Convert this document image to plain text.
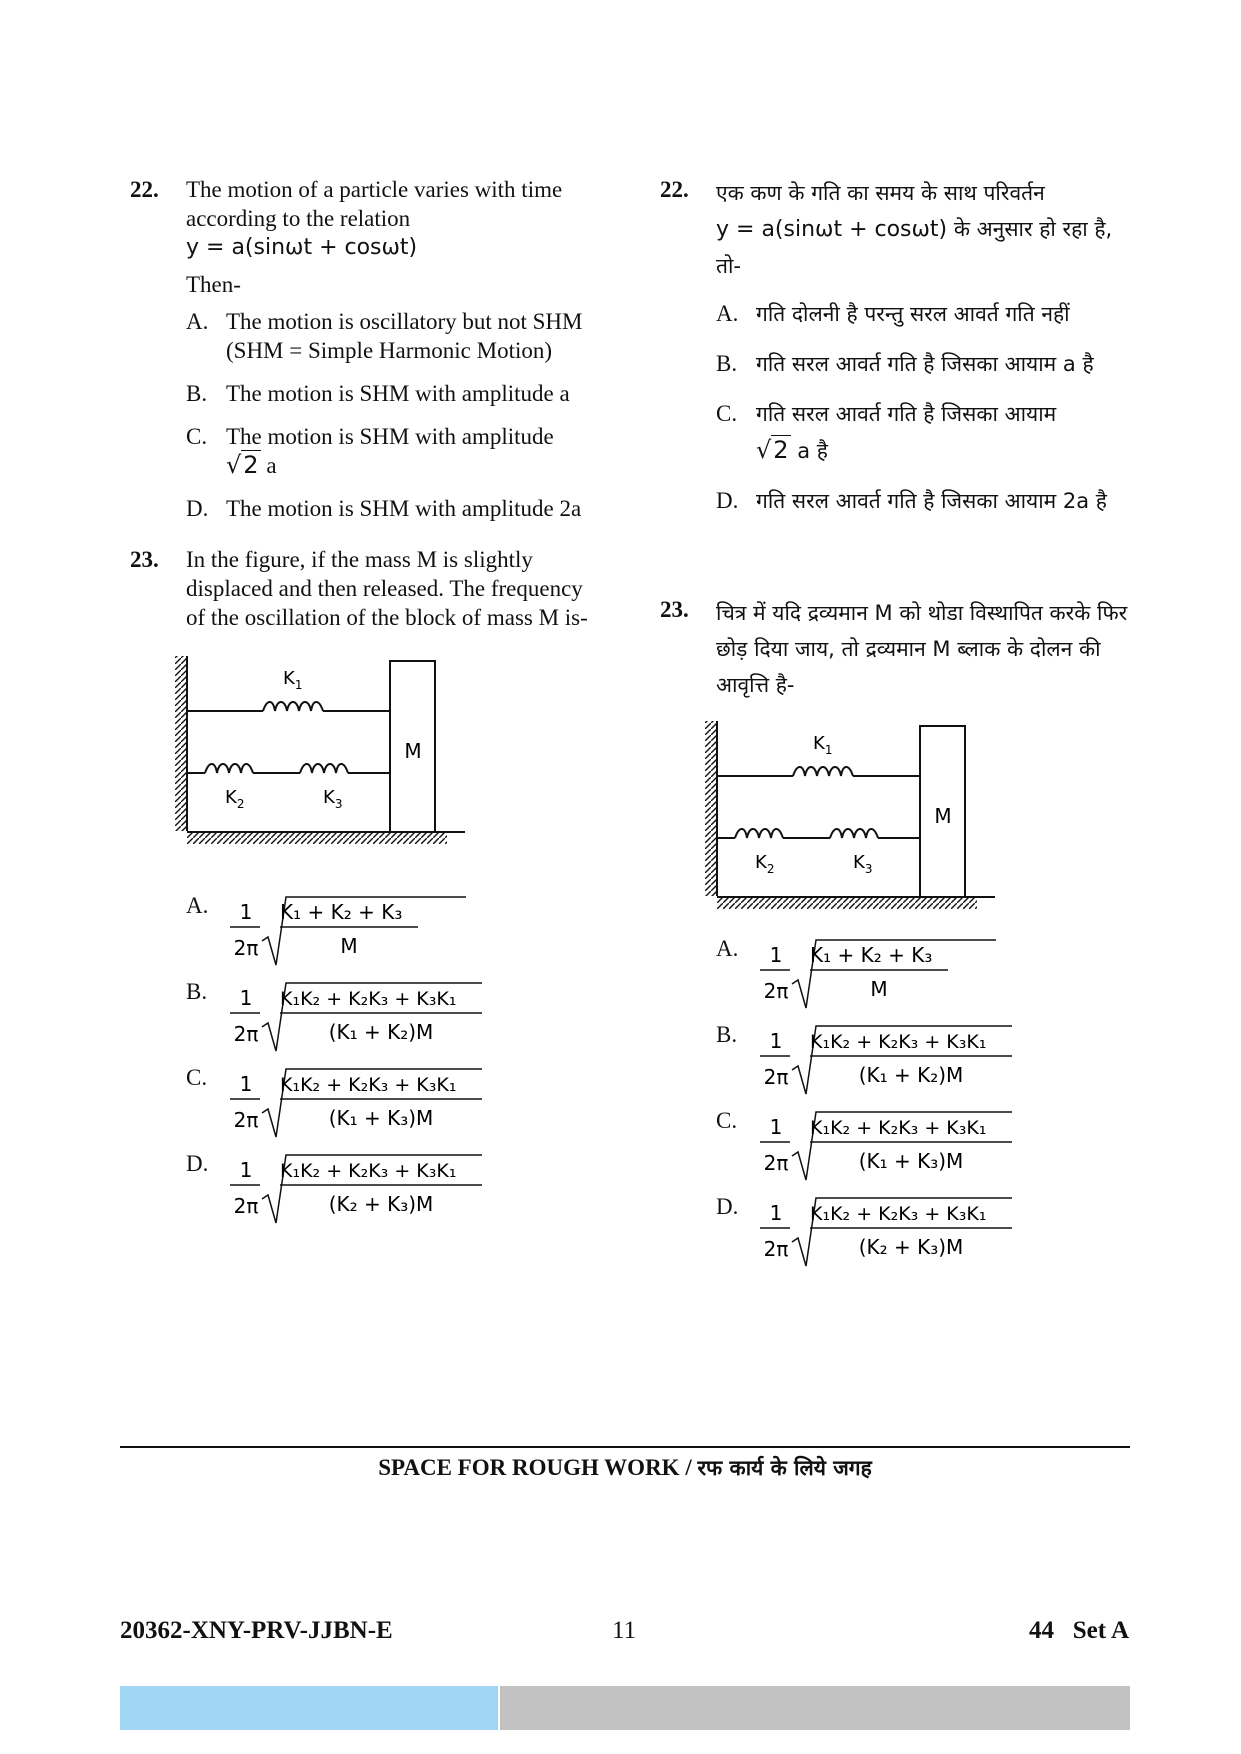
22. The motion of a particle varies with time according to the relation
y = a(sinωt + cosωt)
Then-
A. The motion is oscillatory but not SHM (SHM = Simple Harmonic Motion)
B. The motion is SHM with amplitude a
C. The motion is SHM with amplitude
√2 a
D. The motion is SHM with amplitude 2a
23. In the figure, if the mass M is slightly displaced and then released. The frequency of the oscillation of the block of mass M is-
M
$K_1$
$K_2$	$K_3$
A. 1
2π
K₁ + K₂ + K₃
M
B. 1
2π
K₁K₂ + K₂K₃ + K₃K₁
(K₁ + K₂)M
C. 1
2π
K₁K₂ + K₂K₃ + K₃K₁
(K₁ + K₃)M
D. 1
2π
K₁K₂ + K₂K₃ + K₃K₁
(K₂ + K₃)M
22. एक कण के गति का समय के साथ परिवर्तन
y = a(sinωt + cosωt) के अनुसार हो रहा है,
तो-
A. गति दोलनी है परन्तु सरल आवर्त गति नहीं
B. गति सरल आवर्त गति है जिसका आयाम a है
C. गति सरल आवर्त गति है जिसका आयाम
√2 a है
D. गति सरल आवर्त गति है जिसका आयाम 2a है
23. चित्र में यदि द्रव्यमान M को थोडा विस्थापित करके फिर छोड़ दिया जाय, तो द्रव्यमान M ब्लाक के दोलन की आवृत्ति है-
M
$K_1$
$K_2$	$K_3$
A. 1
2π
K₁ + K₂ + K₃
M
B. 1
2π
K₁K₂ + K₂K₃ + K₃K₁
(K₁ + K₂)M
C. 1
2π
K₁K₂ + K₂K₃ + K₃K₁
(K₁ + K₃)M
D. 1
2π
K₁K₂ + K₂K₃ + K₃K₁
(K₂ + K₃)M
SPACE FOR ROUGH WORK / रफ कार्य के लिये जगह
20362-XNY-PRV-JJBN-E	11	44   Set A
